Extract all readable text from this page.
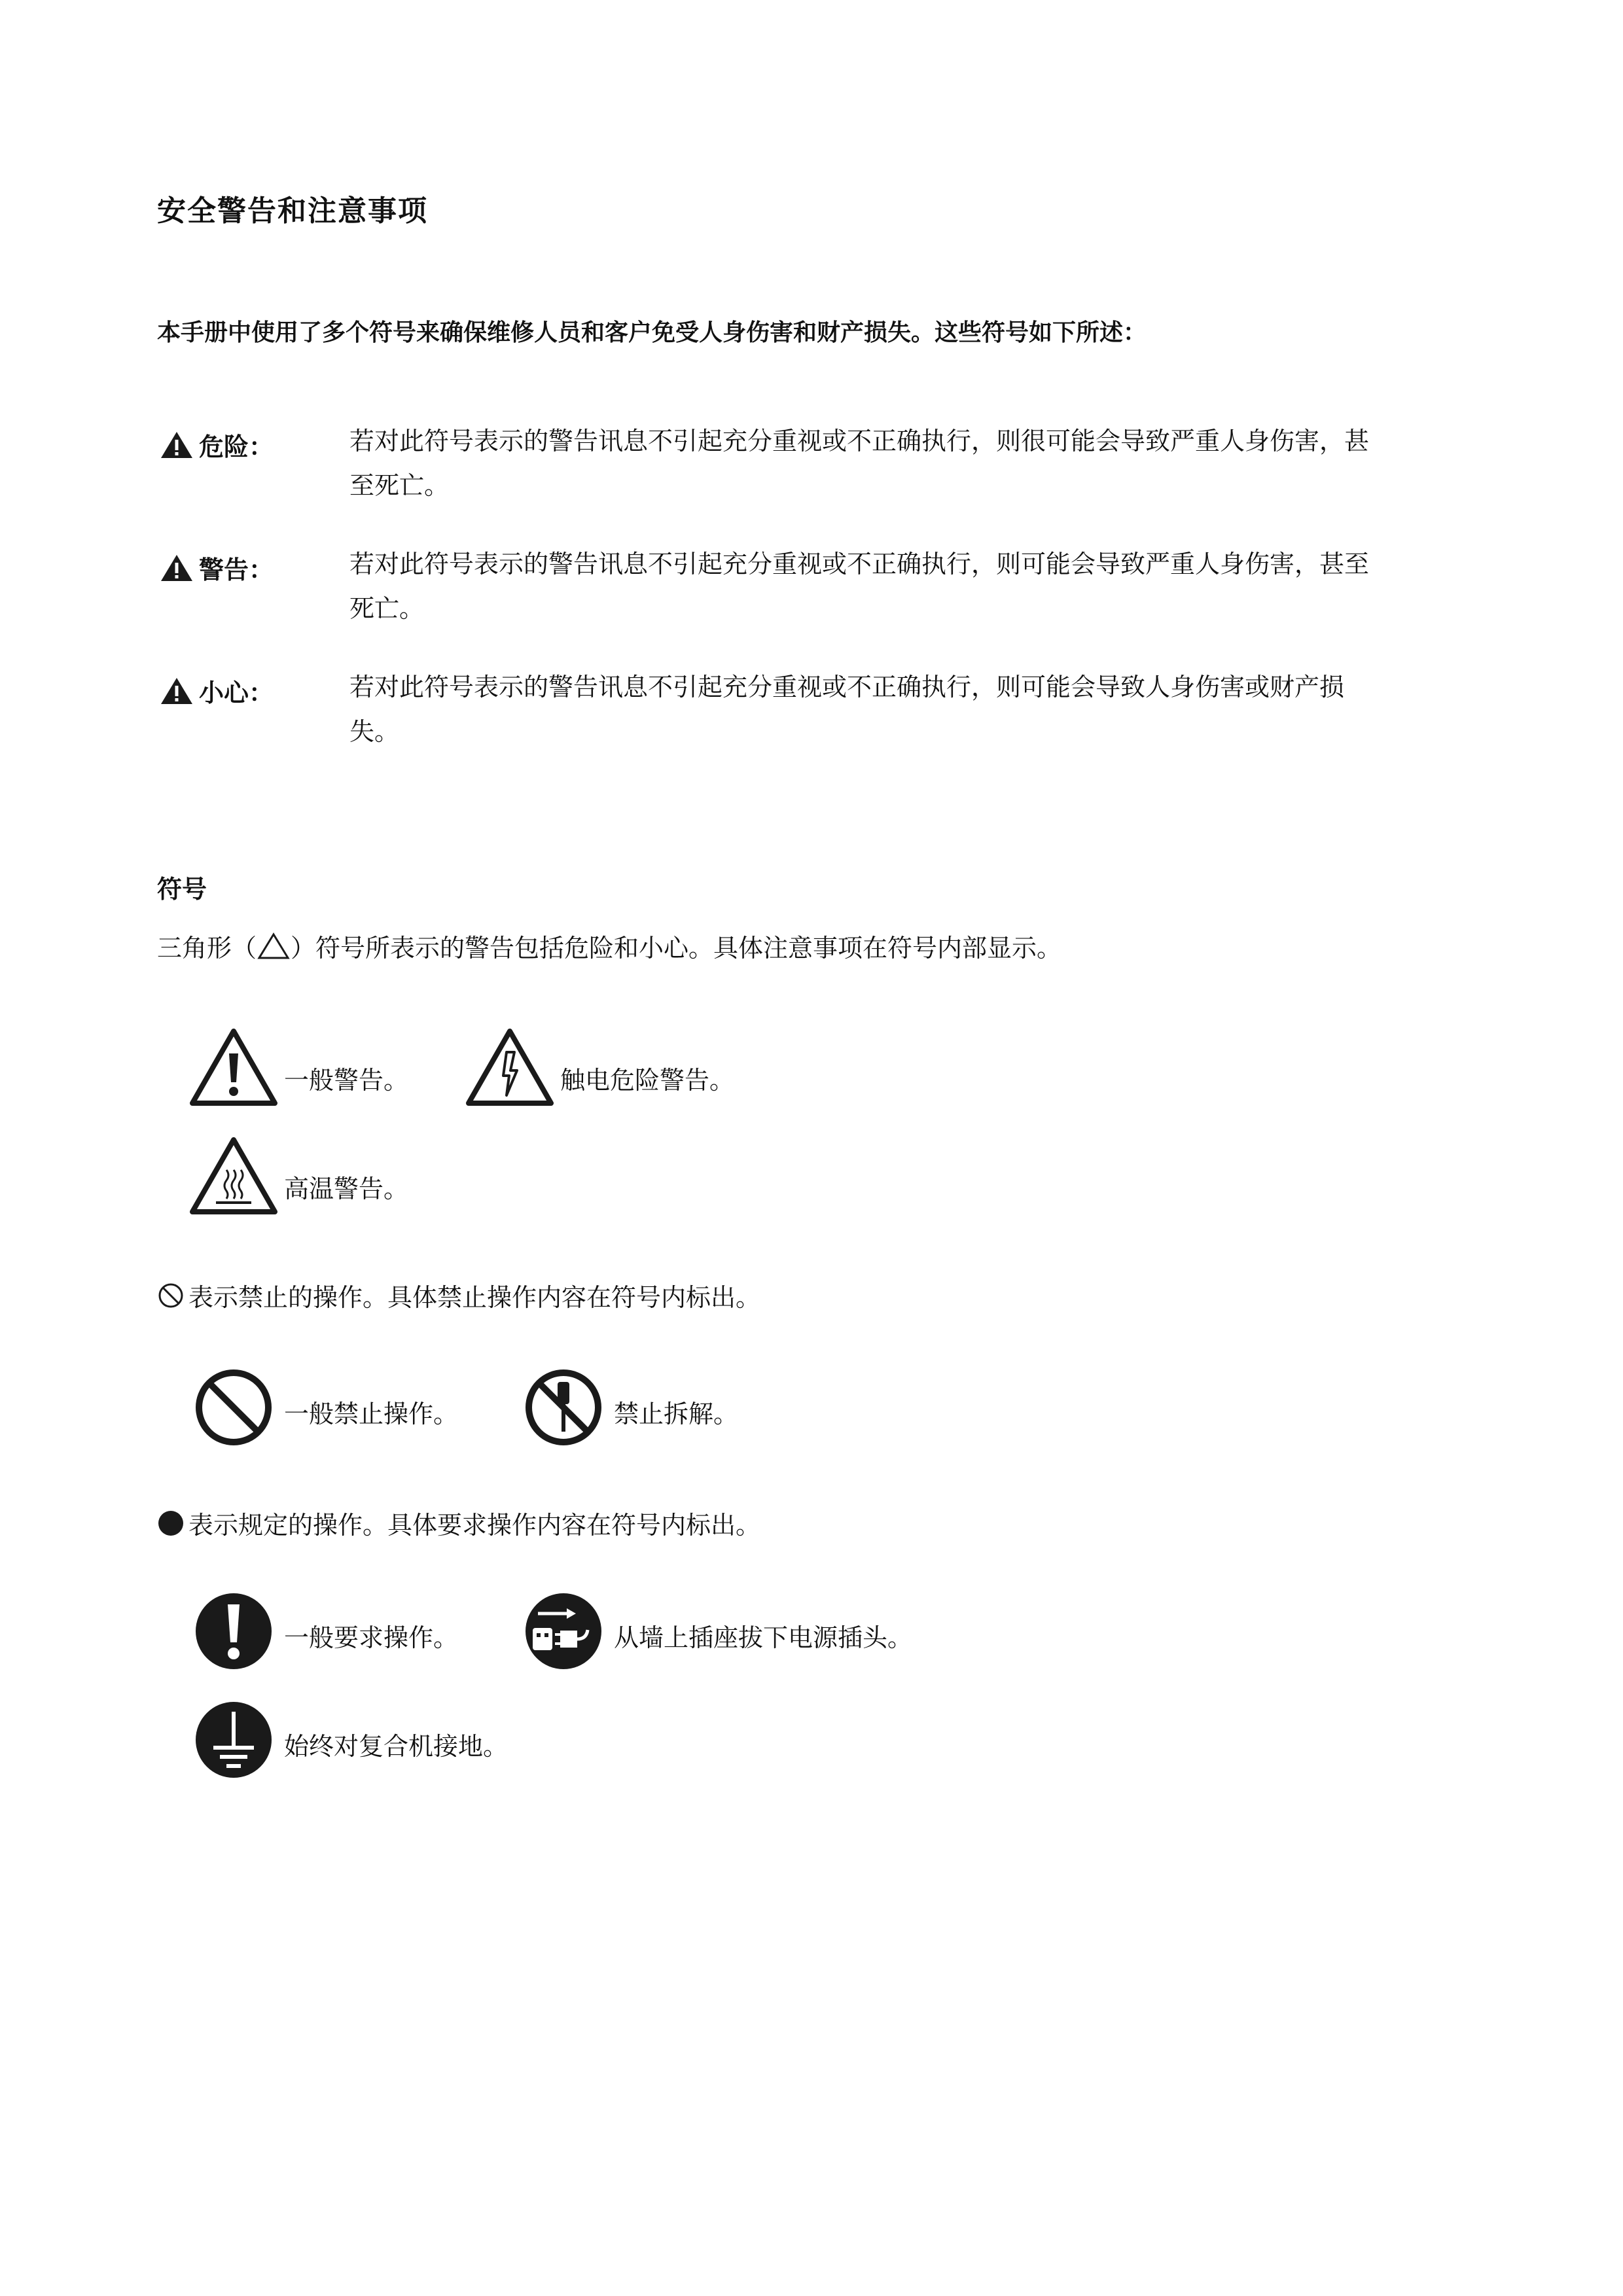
安全警告和注意事项
本手册中使用了多个符号来确保维修人员和客户免受人身伤害和财产损失。这些符号如下所述：
危险：	若对此符号表示的警告讯息不引起充分重视或不正确执行，则很可能会导致严重人身伤害，甚
至死亡。
警告：	若对此符号表示的警告讯息不引起充分重视或不正确执行，则可能会导致严重人身伤害，甚至
死亡。
小心：	若对此符号表示的警告讯息不引起充分重视或不正确执行，则可能会导致人身伤害或财产损
失。
符号
三角形（ ）符号所表示的警告包括危险和小心。具体注意事项在符号内部显示。
一般警告。	触电危险警告。
高温警告。
表示禁止的操作。具体禁止操作内容在符号内标出。
一般禁止操作。	禁止拆解。
表示规定的操作。具体要求操作内容在符号内标出。
一般要求操作。	从墙上插座拔下电源插头。
始终对复合机接地。
